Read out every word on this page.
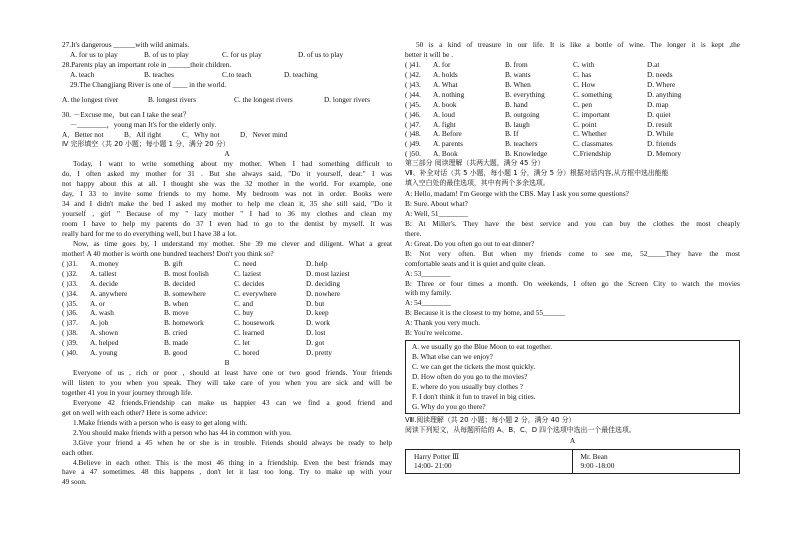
27.It's dangerous ______with wild animals.
A. for us to play	B. of us to play	C. for us play	D. of us to play
28.Parents play an important role in ______their children.
A. teach	B. teaches	C.to teach	D. teaching
29.The Changjiang River is one of ____ in the world.
A. the longest river	B. longest rivers	C. the longest rivers	D. longer rivers
30. －Excuse me，but can I take the seat？
－________，young man It's for the elderly only.
A．Better not	B．All right	C．Why not	D．Never mind
Ⅳ 完形填空（共 20 小题；每小题 1 分，满分 20 分）
A
Today, I want to write something about my mother. When I had something difficult to
do, I often asked my mother for 31 . But she always said, "Do it yourself, dear." I was
not happy about this at all. I thought she was the 32 mother in the world. For example, one
day, I 33 to invite some friends to my home. My bedroom was not in order. Books were
34 and I didn't make the bed I asked my mother to help me clean it, 35 she still said, "Do it
yourself , girl " Because of my " lazy mother " I had to 36 my clothes and clean my
room I have to help my parents do 37 I even had to go to the dentist by myself. It was
really hard for me to do everything well, but I have 38 a lot.
Now, as time goes by, I understand my mother. She 39 me clever and diligent. What a great
mother! A 40 mother is worth one hundred teachers! Don't you think so?
( )31.	A. money	B. gift	C. need	D. help
( )32.	A. tallest	B. most foolish	C. laziest	D. most laziest
( )33.	A. decide	B. decided	C. decides	D. deciding
( )34.	A. anywhere	B. somewhere	C. everywhere	D. nowhere
( )35.	A. or	B. when	C. and	D. but
( )36.	A. wash	B. move	C. buy	D. keep
( )37.	A. job	B. homework	C. housework	D. work
( )38.	A. shown	B. cried	C. learned	D. lost
( )39.	A. helped	B. made	C. let	D. got
( )40.	A. young	B. good	C. bored	D. pretty
B
Everyone of us , rich or poor , should at least have one or two good friends. Your friends
will listen to you when you speak. They will take care of you when you are sick and will be
together 41 you in your journey through life.
Everyone 42 friends.Friendship can make us happier 43 can we find a good friend and
get on well with each other? Here is some advice:
1.Make friends with a person who is easy to get along with.
2.You should make friends with a person who has 44 in common with you.
3.Give your friend a 45 when he or she is in trouble. Friends should always be ready to help
each other.
4.Believe in each other. This is the most 46 thing in a friendship. Even the best friends may
have a 47 sometimes. 48 this happens , don't let it last too long. Try to make up with your
49 soon.
50 is a kind of treasure in our life. It is like a bottle of wine. The longer it is kept ,the
better it will be .
( )41.	A. for	B. from	C. with	D.at
( )42.	A. holds	B. wants	C. has	D. needs
( )43.	A. What	B. When	C. How	D. Where
( )44.	A. nothing	B. everything	C. something	D. anything
( )45.	A. book	B. hand	C. pen	D. map
( )46.	A. loud	B. outgoing	C. important	D. quiet
( )47.	A. fight	B. laugh	C. point	D. result
( )48.	A. Before	B. If	C. Whether	D. While
( )49.	A. parents	B. teachers	C. classmates	D. friends
( )50.	A. Book	B. Knowledge	C.Friendship	D. Memory
第三部分 阅读理解（共两大题，满分 45 分）
Ⅶ、补全对话（共 5 小题，每小题 1 分，满分 5 分）根据对话内容,从方框中选出能能
填入空白处的最佳选项，其中有两个多余选项。
A: Hello, madam! I'm George with the CBS. May I ask you some questions?
B: Sure. About what?
A: Well, 51________
B: At Miller's. They have the best service and you can buy the clothes the most cheaply
there.
A: Great. Do you often go out to eat dinner?
B: Not very often. But when my friends come to see me, 52_____They have the most
comfortable seats and it is quiet and quite clean.
A: 53________
B: Three or four times a month. On weekends, I often go the Screen City to watch the movies
with my family.
A: 54________
B: Because it is the closest to my home, and 55______
A: Thank you very much.
B: You're welcome.
A. we usually go the Blue Moon to eat together.
B. What else can we enjoy?
C. we can get the tickets the most quickly.
D. How often do you go to the movies?
E. where do you usually buy clothes ?
F. I don't think it fun to travel in big cities.
G. Why do you go there?
Ⅷ.阅读理解（共 20 小题；每小题 2 分，满分 40 分）
阅读下列短文，从每题所给的 A、B、C、D 四个选项中选出一个最佳选项。
A
Harry Potter Ⅲ
14:00- 21:00
Mr. Bean
9:00 -18:00
